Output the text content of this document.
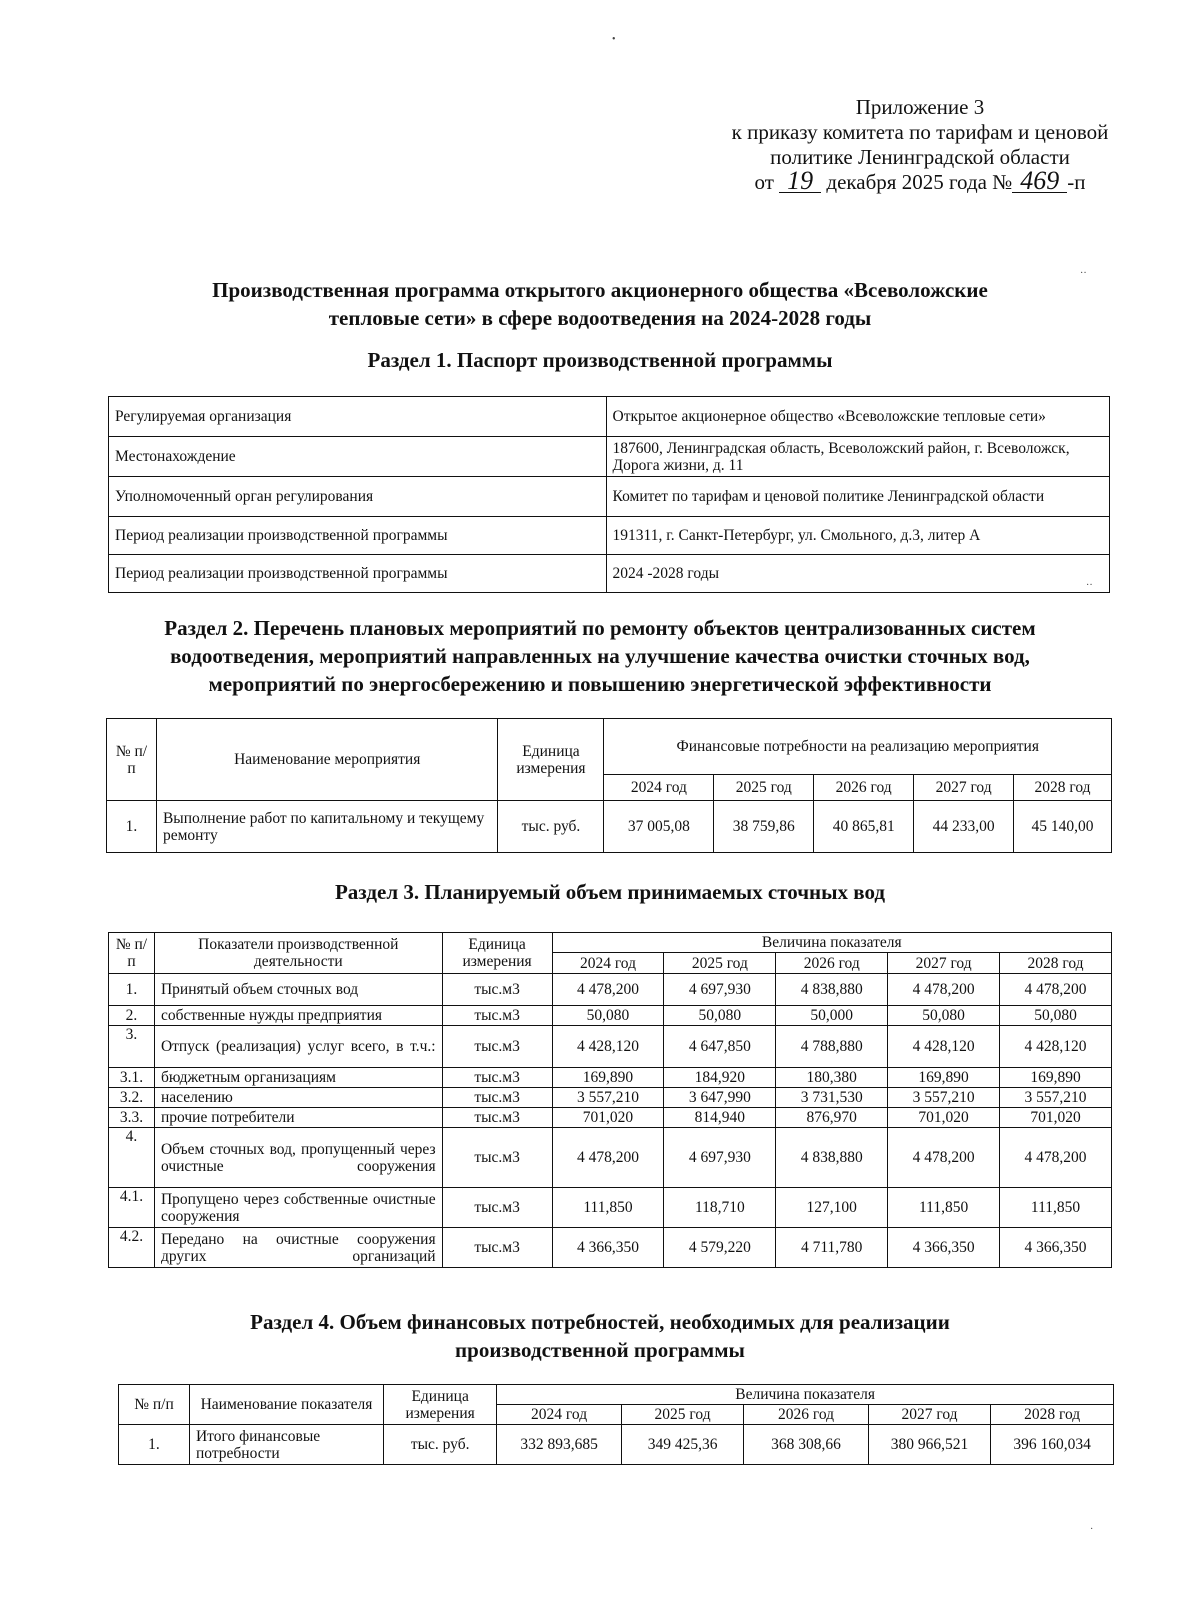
Приложение 3
к приказу комитета по тарифам и ценовой
политике Ленинградской области
от 19 декабря 2025 года № 469 -п
Производственная программа открытого акционерного общества «Всеволожские
тепловые сети» в сфере водоотведения на 2024-2028 годы
Раздел 1. Паспорт производственной программы
Регулируемая организация	Открытое акционерное общество «Всеволожские тепловые сети»
Местонахождение	187600, Ленинградская область, Всеволожский район, г. Всеволожск, Дорога жизни, д. 11
Уполномоченный орган регулирования	Комитет по тарифам и ценовой политике Ленинградской области
Период реализации производственной программы	191311, г. Санкт-Петербург, ул. Смольного, д.3, литер А
Период реализации производственной программы	2024 -2028 годы
Раздел 2. Перечень плановых мероприятий по ремонту объектов централизованных систем
водоотведения, мероприятий направленных на улучшение качества очистки сточных вод,
мероприятий по энергосбережению и повышению энергетической эффективности
№ п/п	Наименование мероприятия	Единица измерения	Финансовые потребности на реализацию мероприятия				
			2024 год	2025 год	2026 год	2027 год	2028 год
1.	Выполнение работ по капитальному и текущему ремонту	тыс. руб.	37 005,08	38 759,86	40 865,81	44 233,00	45 140,00
Раздел 3. Планируемый объем принимаемых сточных вод
№ п/п	Показатели производственной деятельности	Единица измерения	Величина показателя				
			2024 год	2025 год	2026 год	2027 год	2028 год
1.	Принятый объем сточных вод	тыс.м3	4 478,200	4 697,930	4 838,880	4 478,200	4 478,200
2.	собственные нужды предприятия	тыс.м3	50,080	50,080	50,000	50,080	50,080
3.	Отпуск (реализация) услуг всего, в т.ч.:	тыс.м3	4 428,120	4 647,850	4 788,880	4 428,120	4 428,120
3.1.	бюджетным организациям	тыс.м3	169,890	184,920	180,380	169,890	169,890
3.2.	населению	тыс.м3	3 557,210	3 647,990	3 731,530	3 557,210	3 557,210
3.3.	прочие потребители	тыс.м3	701,020	814,940	876,970	701,020	701,020
4.	Объем сточных вод, пропущенный через очистные сооружения	тыс.м3	4 478,200	4 697,930	4 838,880	4 478,200	4 478,200
4.1.	Пропущено через собственные очистные сооружения	тыс.м3	111,850	118,710	127,100	111,850	111,850
4.2.	Передано на очистные сооружения других организаций	тыс.м3	4 366,350	4 579,220	4 711,780	4 366,350	4 366,350
Раздел 4. Объем финансовых потребностей, необходимых для реализации
производственной программы
№ п/п	Наименование показателя	Единица измерения	Величина показателя				
			2024 год	2025 год	2026 год	2027 год	2028 год
1.	Итого финансовые потребности	тыс. руб.	332 893,685	349 425,36	368 308,66	380 966,521	396 160,034
•
··
··
·
